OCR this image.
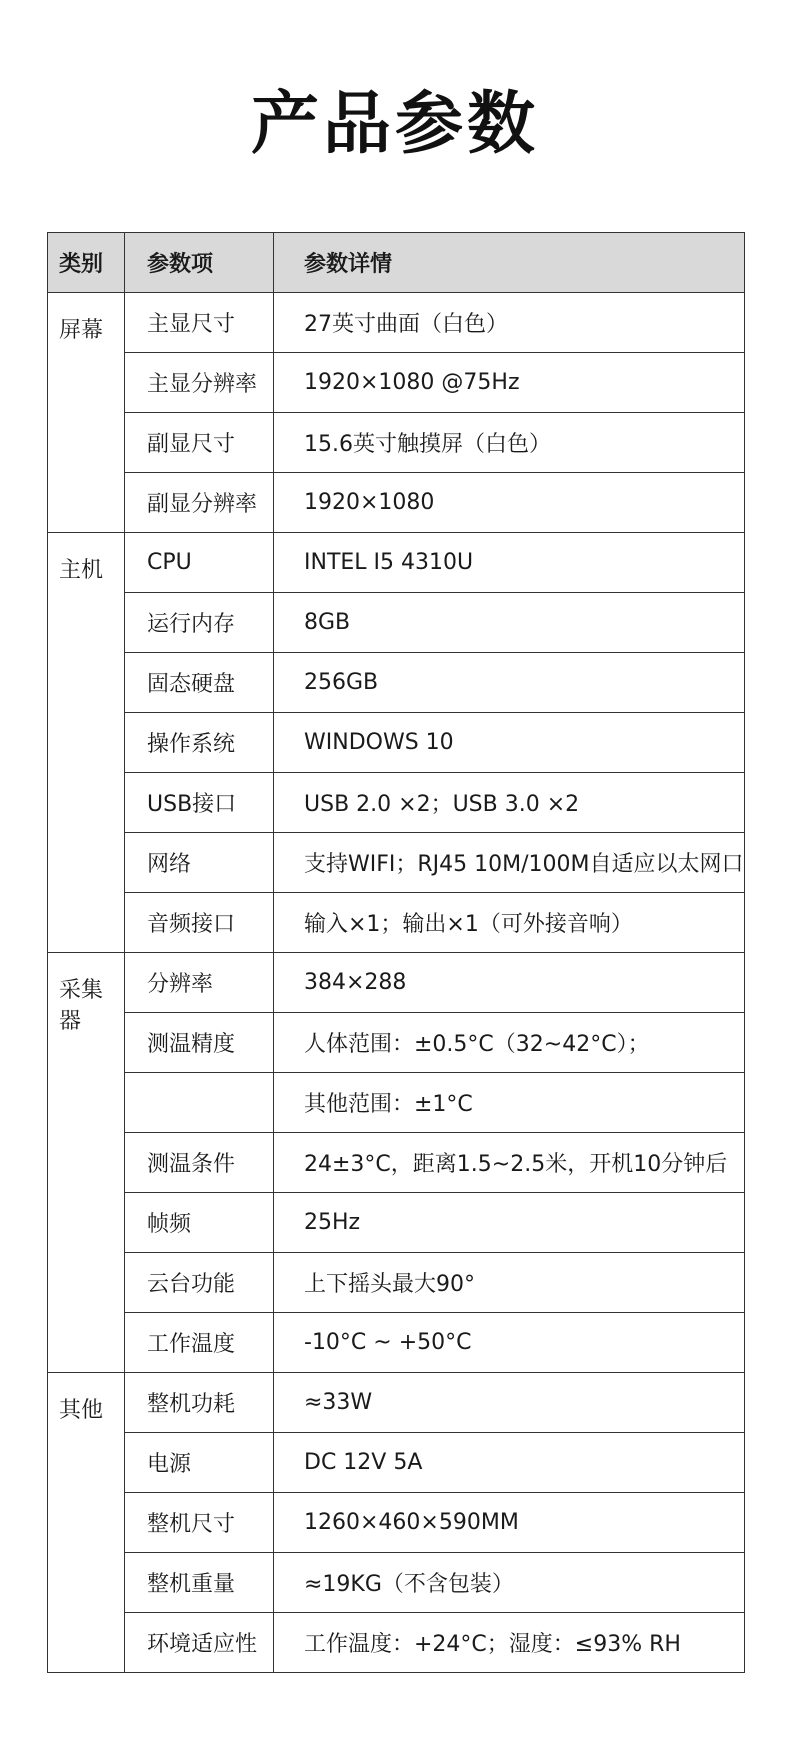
产品参数
类别	参数项	参数详情
屏幕	主显尺寸	27英寸曲面（白色）
	主显分辨率	1920×1080 @75Hz
	副显尺寸	15.6英寸触摸屏（白色）
	副显分辨率	1920×1080
主机	CPU	INTEL I5 4310U
	运行内存	8GB
	固态硬盘	256GB
	操作系统	WINDOWS 10
	USB接口	USB 2.0 ×2；USB 3.0 ×2
	网络	支持WIFI；RJ45 10M/100M自适应以太网口
	音频接口	输入×1；输出×1（可外接音响）
采集器	分辨率	384×288
	测温精度	人体范围：±0.5°C（32~42°C）；
		其他范围：±1°C
	测温条件	24±3°C，距离1.5~2.5米，开机10分钟后
	帧频	25Hz
	云台功能	上下摇头最大90°
	工作温度	-10°C ~ +50°C
其他	整机功耗	≈33W
	电源	DC 12V 5A
	整机尺寸	1260×460×590MM
	整机重量	≈19KG（不含包装）
	环境适应性	工作温度：+24°C；湿度：≤93% RH
